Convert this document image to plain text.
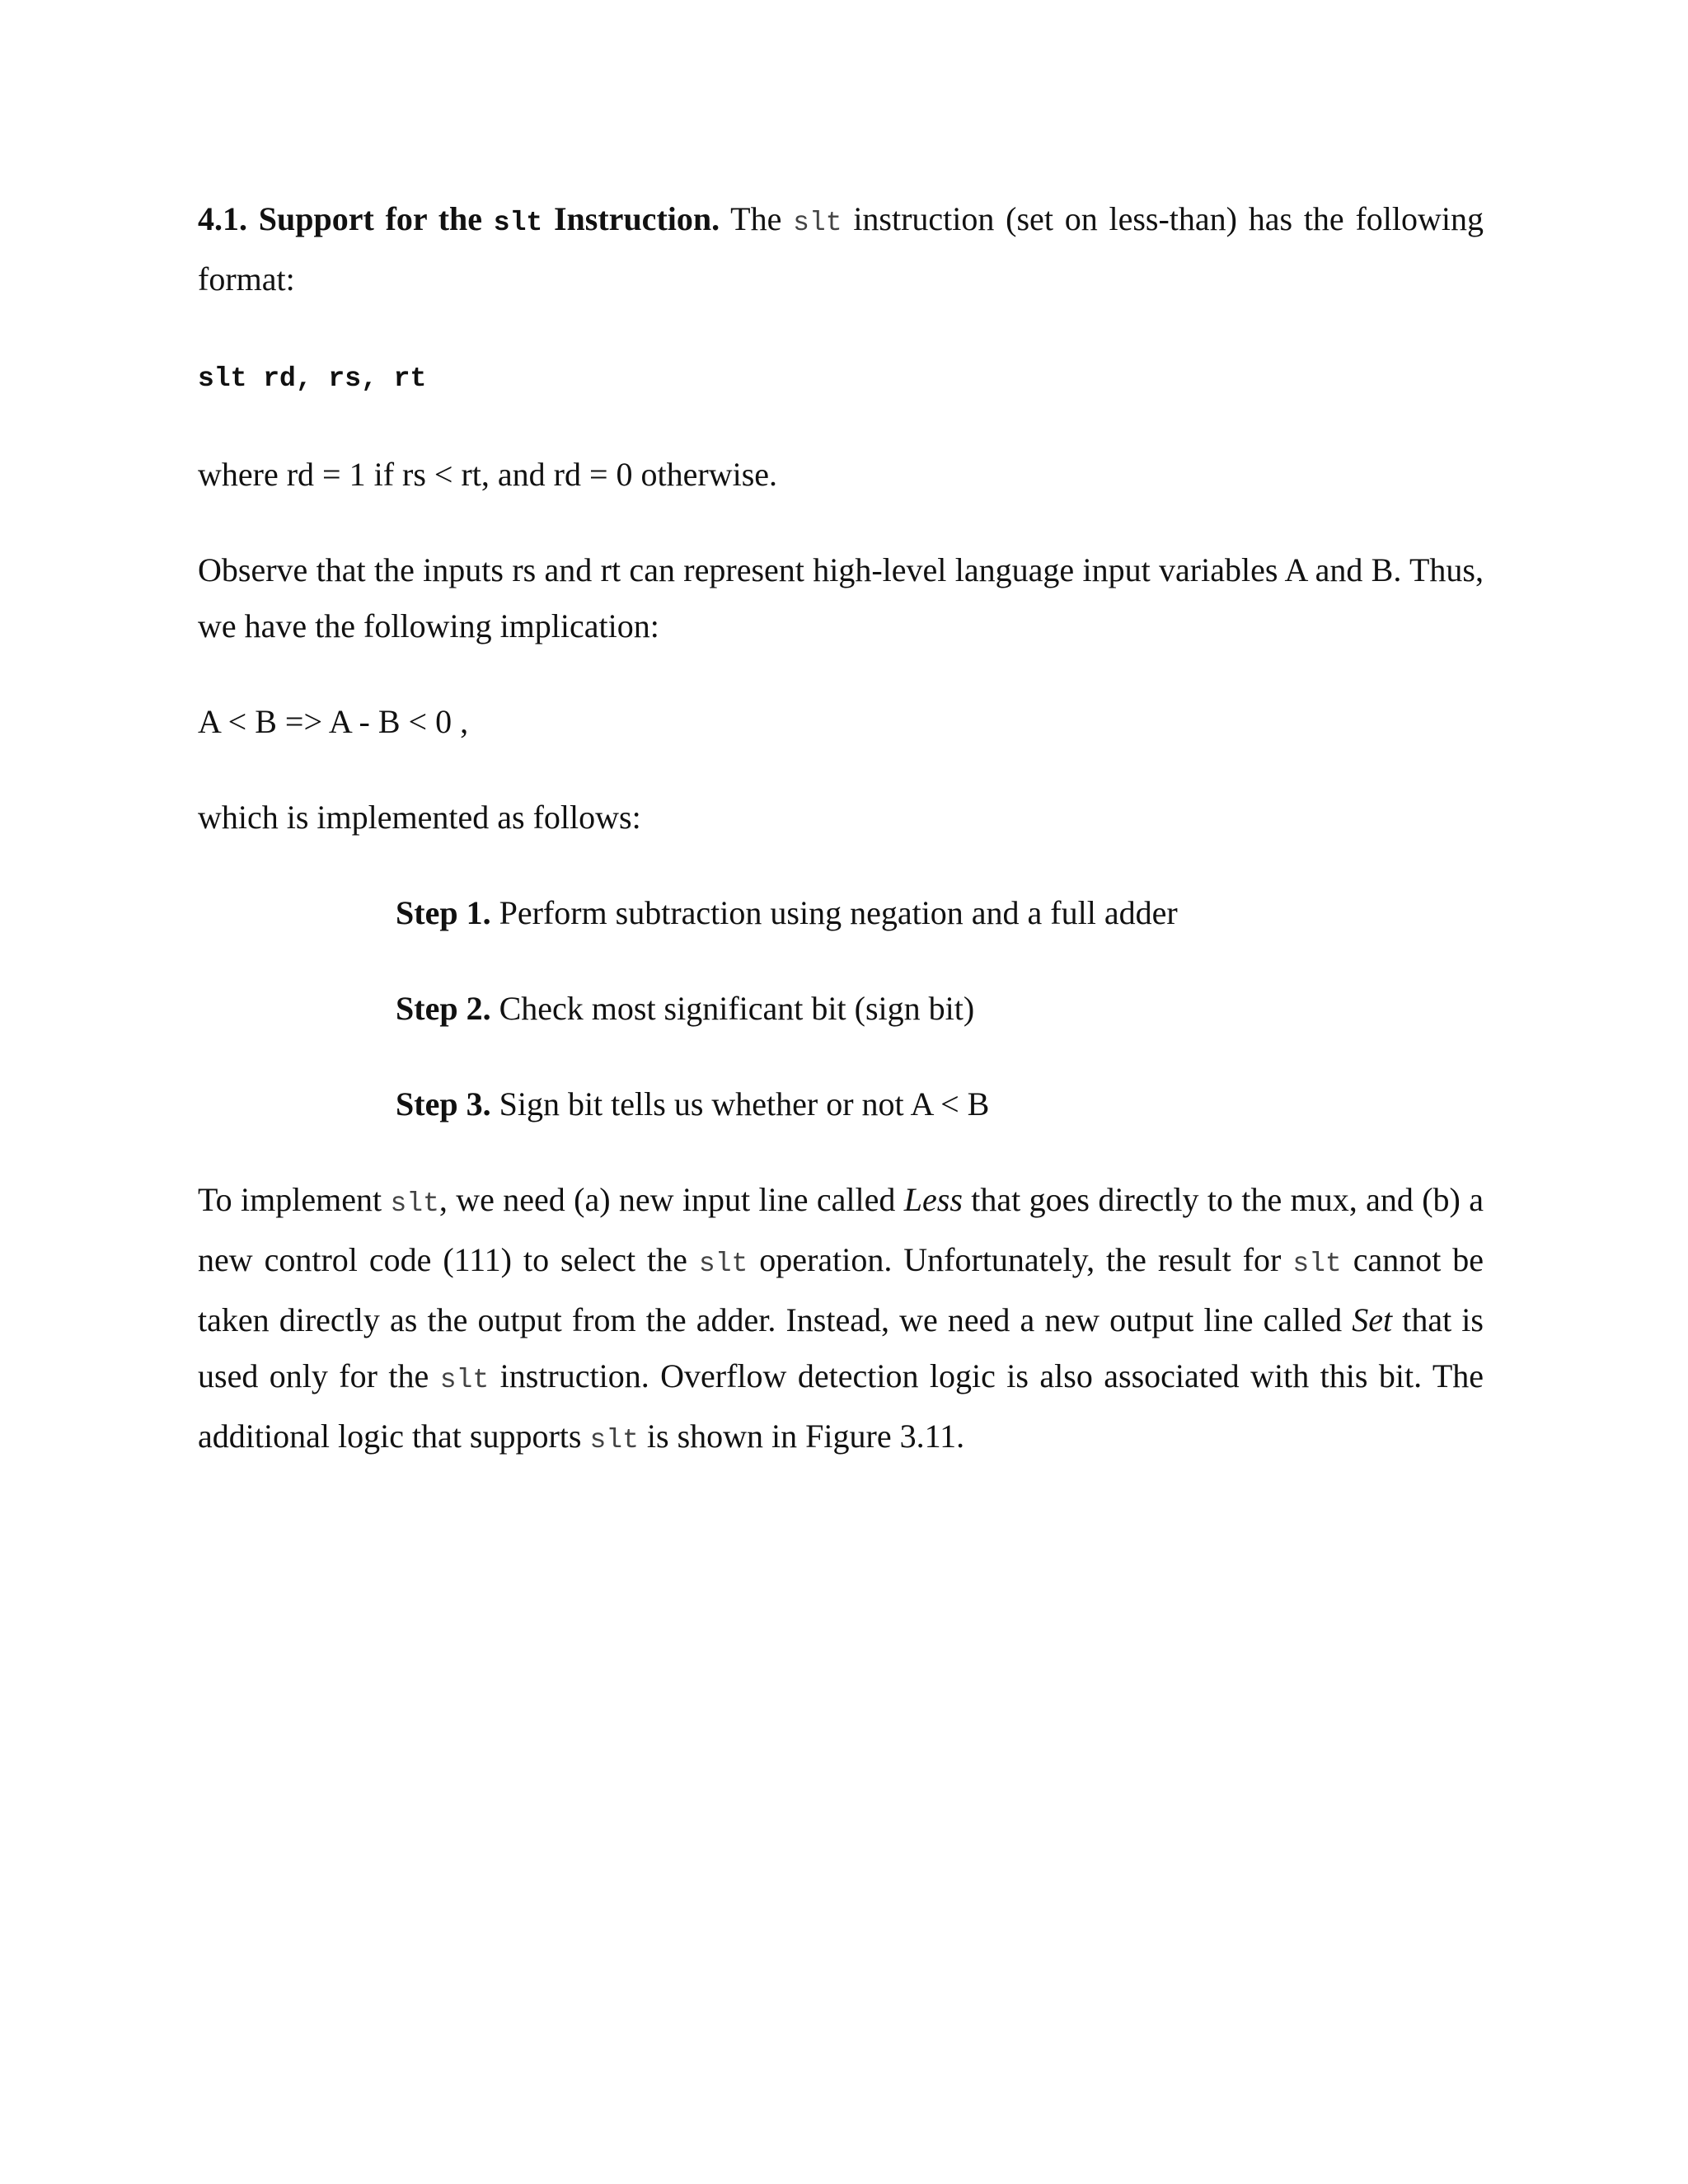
4.1. Support for the slt Instruction. The slt instruction (set on less-than) has the following format:

slt rd, rs, rt

where rd = 1 if rs < rt, and rd = 0 otherwise.

Observe that the inputs rs and rt can represent high-level language input variables A and B. Thus, we have the following implication:

A < B => A - B < 0 ,

which is implemented as follows:

Step 1. Perform subtraction using negation and a full adder

Step 2. Check most significant bit (sign bit)

Step 3. Sign bit tells us whether or not A < B

To implement slt, we need (a) new input line called Less that goes directly to the mux, and (b) a new control code (111) to select the slt operation. Unfortunately, the result for slt cannot be taken directly as the output from the adder. Instead, we need a new output line called Set that is used only for the slt instruction. Overflow detection logic is also associated with this bit. The additional logic that supports slt is shown in Figure 3.11.
